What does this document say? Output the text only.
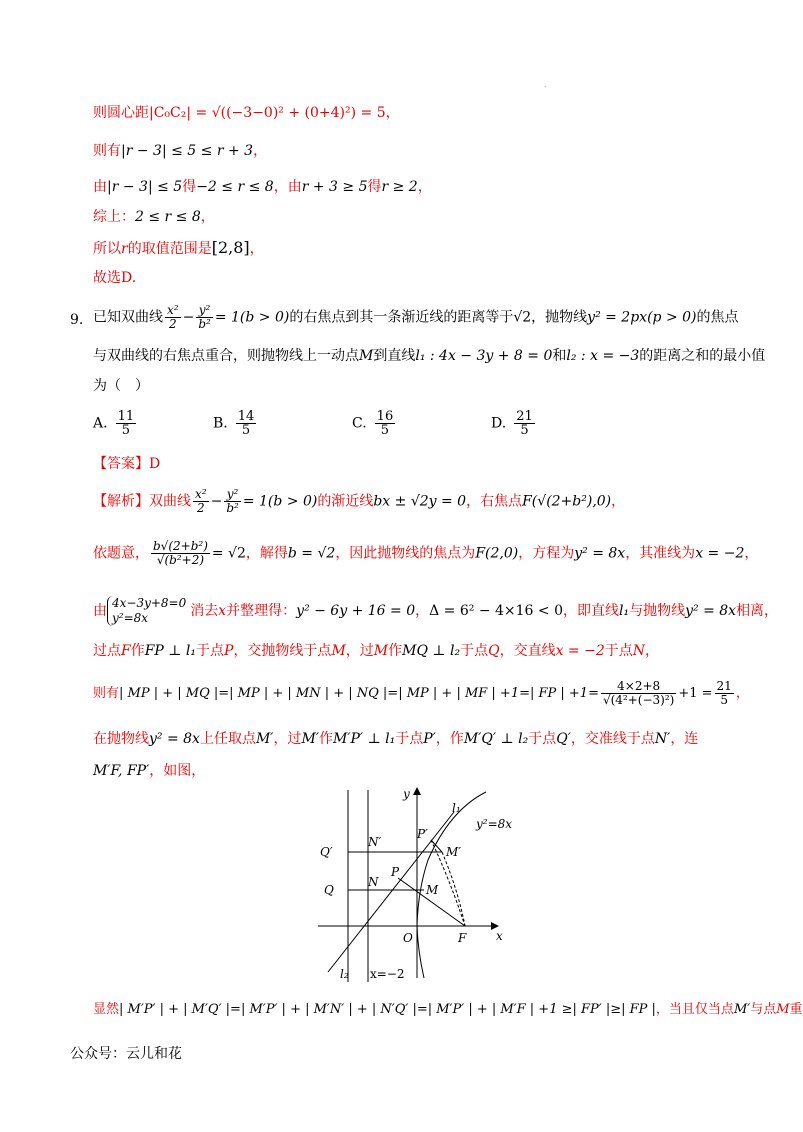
.
则圆心距|C₀C₂| = √((−3−0)² + (0+4)²) = 5，
则有|r − 3| ≤ 5 ≤ r + 3，
由|r − 3| ≤ 5得−2 ≤ r ≤ 8，由r + 3 ≥ 5得r ≥ 2，
综上：2 ≤ r ≤ 8，
所以r的取值范围是[2,8]，
故选D.
9. 已知双曲线 $\frac{\text{x²}}{2} - \frac{\text{y²}}{\text{b²}} = 1(b > 0)$的右焦点到其一条渐近线的距离等于√2，抛物线y² = 2px(p > 0)的焦点
与双曲线的右焦点重合，则抛物线上一动点M到直线l₁ : 4x − 3y + 8 = 0和l₂ : x = −3的距离之和的最小值
为（　）
A. $\frac{11}{5}$	B. $\frac{14}{5}$	C. $\frac{16}{5}$	D. $\frac{21}{5}$
【答案】D
【解析】双曲线 $\frac{\text{x²}}{2} - \frac{\text{y²}}{\text{b²}} = 1(b > 0)$的渐近线bx ± √2y = 0，右焦点F(√(2+b²),0)，
依题意， $\frac{\text{b√(2+b²)}}{\text{√(b²+2)}} = √2$，解得b = √2，因此抛物线的焦点为F(2,0)，方程为y² = 8x，其准线为x = −2，
由 4x−3y+8=0
y²=8x	消去x并整理得：y² − 6y + 16 = 0，Δ = 6² − 4×16 < 0，即直线l₁与抛物线y² = 8x相离，
过点F作FP ⊥ l₁于点P，交抛物线于点M，过M作MQ ⊥ l₂于点Q，交直线x = −2于点N，
则有| MP | + | MQ |=| MP | + | MN | + | NQ |=| MP | + | MF | +1=| FP | $+1= \frac{4\times 2+8}{\text{√(4²+(−3)²)}} +1 = \frac{21}{5}$ ，
在抛物线y² = 8x上任取点M′，过M′作M′P′ ⊥ l₁于点P′，作M′Q′ ⊥ l₂于点Q′，交准线于点N′，连
M′F, FP′，如图，
y
x
l₁
y²=8x
P′
M′
N′
Q′
P
N
M
Q
O	F
l₂ x=−2
显然| M′P′ | + | M′Q′ |=| M′P′ | + | M′N′ | + | N′Q′ |=| M′P′ | + | M′F | +1 ≥| FP′ |≥| FP |，当且仅当点M′与点M重
公众号：云儿和花
